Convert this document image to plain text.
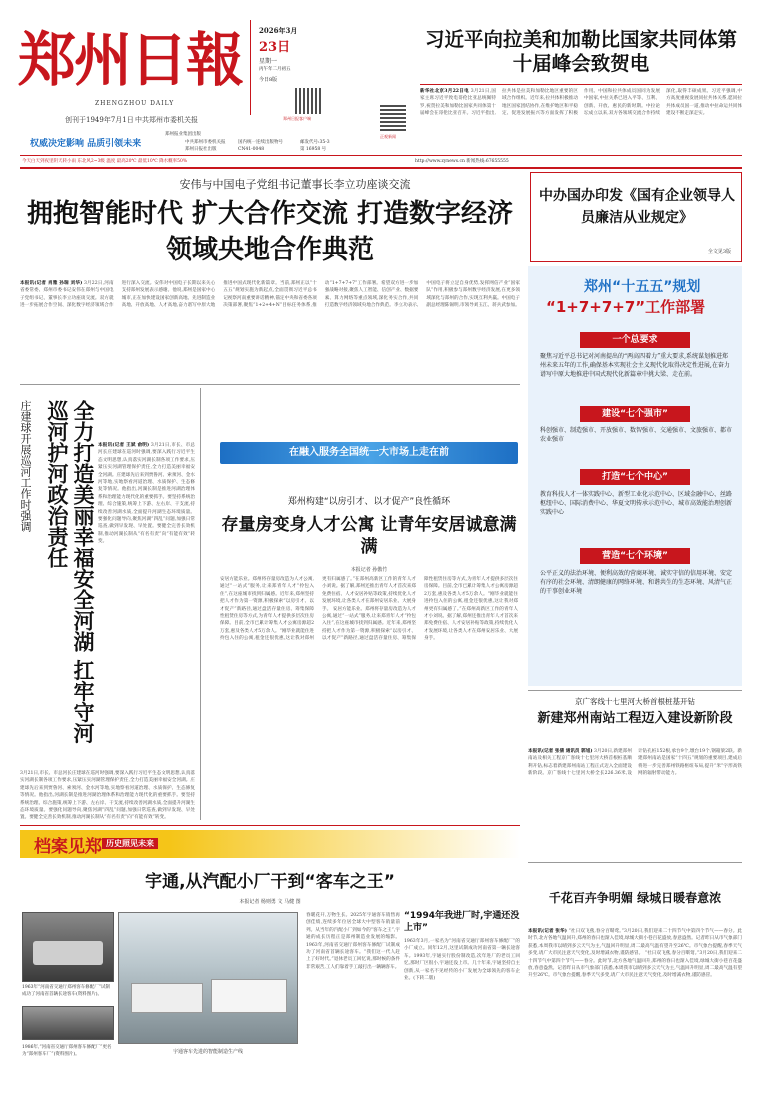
郑州日報
ZHENGZHOU DAILY
创刊于1949年7月1日 中共郑州市委机关报
2026年3月
23日
星期一
丙午年二月初五
今日8版
郑州日报客户端
正观新闻
权威决定影响 品质引领未来
郑州报业集团出版
中共郑州市委机关报
郑州日报社出版
国内统一连续出版物号 CN41-0048
邮发代号:35-3
第 16958 号
今天白天到夜里阴天转小雨 东北风2~3级 温度 最高20℃ 最低10℃ 降水概率50%	http://www.zynews.cn 新闻热线:67655555
习近平向拉美和加勒比国家共同体第十届峰会致贺电
新华社北京3月22日电 3月21日,国家主席习近平致电哥伦比亚总统佩特罗,祝贺拉美和加勒比国家共同体第十届峰会在哥伦比亚召开。习近平指出,拉共体是拉美和加勒比地区重要的区域合作组织。近年来,拉共体积极推动地区国家团结协作,在维护地区和平稳定、促进发展振兴等方面发挥了积极作用。中国和拉共体成员国同为发展中国家,中拉关系已进入平等、互利、创新、开放、惠民的新时期。中拉论坛成立以来,双方各领域交流合作持续深化,取得丰硕成果。习近平强调,中方高度重视发展同拉共体关系,愿同拉共体成员国一道,推动中拉命运共同体建设不断走深走实。
安伟与中国电子党组书记董事长李立功座谈交流
拥抱智能时代 扩大合作交流 打造数字经济领域央地合作典范
本报讯(记者 肖雅 孙瑞 刘华) 3月22日,河南省委常委、郑州市委书记安伟在郑州与中国电子党组书记、董事长李立功座谈交流。双方就进一步拓展合作空间、深化数字经济领域合作进行深入交流。安伟对中国电子长期以来关心支持郑州发展表示感谢。他说,郑州是国家中心城市,正在加快建设国家创新高地、先进制造业高地、开放高地、人才高地,奋力谱写中原大地推进中国式现代化新篇章。当前,郑州正以“十五五”规划实施为新起点,全面贯彻习近平总书记视察河南重要讲话精神,锚定中央和省委各项决策部署,聚焦“1+2+4+N”目标任务体系,推动“1+7+7+7”工作部署。希望双方进一步加强战略对接,聚焦人工智能、信创产业、数据要素、算力网络等重点领域,深化务实合作,共同打造数字经济领域央地合作典范。李立功表示,中国电子将立足自身优势,发挥网信产业“国家队”作用,积极参与郑州数字经济发展,在更多领域深化与郑州的合作,实现互利共赢。中国电子副总经理陈锡明,市领导刘玉江、蒋兵武参加。
中办国办印发《国有企业领导人员廉洁从业规定》
全文见3版
郑州“十五五”规划
“1+7+7+7”工作部署
一个总要求
聚焦习近平总书记对河南提出的“两高四着力”重大要求,系统谋划推进郑州未来五年的工作,确保基本实现社会主义现代化取得决定性进展,在奋力谱写中原大地推进中国式现代化新篇章中挑大梁、走在前。
建设“七个强市”
科创强市、制造强市、开放强市、数智强市、交通强市、文旅强市、都市农业强市
打造“七个中心”
教育科技人才一体实践中心、新型工业化示范中心、区域金融中心、丝路枢纽中心、国际消费中心、华夏文明传承示范中心、城市高效能治理创新实践中心
营造“七个环境”
公平正义的法治环境、便利高效的营商环境、诚实守信的信用环境、安定有序的社会环境、清朗健康的网络环境、和谐共生的生态环境、风清气正的干事创业环境
庄建球开展巡河工作时强调	全力打造美丽幸福安全河湖 扛牢守河巡河护河政治责任	本报讯(记者 王斌 俞明) 3月21日,市长、市总河长庄建球在巡河时强调,要深入践行习近平生态文明思想,认真落实河湖长制各项工作要求,压紧压实河湖管理保护责任,全力打造美丽幸福安全河湖。庄建球先后来到贾鲁河、索须河、金水河等地,实地察看河道治理、水质保护、生态修复等情况。他指出,河湖长制是推进河湖治理体系和治理能力现代化的重要抓手。要坚持系统治理、综合施策,统筹上下游、左右岸、干支流,持续改善河湖水质,全面提升河湖生态环境质量。要强化问题导向,聚焦河湖“四乱”问题,加强日常巡查,做到早发现、早处置。要健全完善长效机制,推动河湖长制从“有名有责”向“有能有效”转变。
3月21日,市长、市总河长庄建球在巡河时强调,要深入践行习近平生态文明思想,认真落实河湖长制各项工作要求,压紧压实河湖管理保护责任,全力打造美丽幸福安全河湖。庄建球先后来到贾鲁河、索须河、金水河等地,实地察看河道治理、水质保护、生态修复等情况。他指出,河湖长制是推进河湖治理体系和治理能力现代化的重要抓手。要坚持系统治理、综合施策,统筹上下游、左右岸、干支流,持续改善河湖水质,全面提升河湖生态环境质量。要强化问题导向,聚焦河湖“四乱”问题,加强日常巡查,做到早发现、早处置。要健全完善长效机制,推动河湖长制从“有名有责”向“有能有效”转变。
在融入服务全国统一大市场上走在前
郑州构建“以房引才、以才促产”良性循环
存量房变身人才公寓 让青年安居诚意满满
本报记者 孙傲竹
安居方能乐业。郑州将存量房改造为人才公寓,通过“一站式”服务,让来郑青年人才“拎包入住”,在这座城市找到归属感。近年来,郑州坚持把人才作为第一资源,积极探索“以房引才、以才促产”新路径,通过盘活存量住房、筹集保障性租赁住房等方式,为青年人才提供多层次住房保障。目前,全市已累计筹集人才公寓房源超2万套,惠及各类人才5万余人。“刚毕业就能住进拎包入住的公寓,租金还很优惠,这让我对郑州更有归属感了。”在郑州高新区工作的青年人才小刘说。据了解,郑州还推出青年人才首次来郑免费住宿、人才安居补贴等政策,持续优化人才发展环境,让各类人才在郑州安居乐业、大展身手。 安居方能乐业。郑州将存量房改造为人才公寓,通过“一站式”服务,让来郑青年人才“拎包入住”,在这座城市找到归属感。近年来,郑州坚持把人才作为第一资源,积极探索“以房引才、以才促产”新路径,通过盘活存量住房、筹集保障性租赁住房等方式,为青年人才提供多层次住房保障。目前,全市已累计筹集人才公寓房源超2万套,惠及各类人才5万余人。“刚毕业就能住进拎包入住的公寓,租金还很优惠,这让我对郑州更有归属感了。”在郑州高新区工作的青年人才小刘说。据了解,郑州还推出青年人才首次来郑免费住宿、人才安居补贴等政策,持续优化人才发展环境,让各类人才在郑州安居乐业、大展身手。
京广客线十七里河大桥首根桩基开钻
新建郑州南站工程迈入建设新阶段
本报讯(记者 张倩 通讯员 郭旭) 3月20日,新建郑州南站及相关工程京广客线十七里河大桥首根桩基顺利开钻,标志着新建郑州南站工程正式迈入全面建设新阶段。京广客线十七里河大桥全长226.36米,设计钻孔桩152根,承台9个,墩台19个,钢箱梁2联。新建郑州南站是国家“十四五”规划的重要项目,建成后将进一步完善郑州铁路枢纽布局,提升“米”字形高铁网的辐射带动能力。
档案见郑 历史照见未来
宇通,从汽配小厂干到“客车之王”
本报记者 杨则勇 文 马健 图
1963年“河南省交通厅郑州客车修配厂”试制成功了河南省首辆长途客车(资料图片)。
1986年,“河南省交通厅郑州客车修配厂”更名为“郑州客车厂”(资料图片)。	宇通客车先进的智能制造生产线
春暖花开,万物生长。2025年宇通客车销售再创佳绩,连续多年位居全球大中型客车销量前列。从当年的汽配小厂到如今的“客车之王”,宇通的成长历程正是郑州制造业发展的缩影。1963年,河南省交通厅郑州客车修配厂试制成功了河南省首辆长途客车。“我们这一代人赶上了好时代。”退休老员工回忆说,那时候的条件非常艰苦,工人们靠着手工敲打出一辆辆客车。
“1994年我进厂时,宇通还没上市”
1963年3月,一家名为“河南省交通厅郑州客车修配厂”的小厂成立。同年12月,这里试制成功河南省第一辆长途客车。1993年,宇通实行股份制改造,次年进厂的老员工回忆,那时厂区很小,宇通还没上市。几十年来,宇通坚持自主创新,从一家名不见经传的小厂发展为全球领先的客车企业。(下转二版)
千花百卉争明媚 绿城日暖春意浓
本报讯(记者 张华) “社日双飞燕,春分百啭莺。”3月20日,我们迎来二十四节气中第四个节气——春分。此时节,北方各地气温回升,郑州的春日也渐入佳境,绿城大街小巷百花盛放,春意盎然。记者昨日从市气象部门获悉,本周我市以晴到多云天气为主,气温回升明显,周二最高气温有望升至26℃。市气象台提醒,春季天气多变,请广大市民注意天气变化,及时增减衣物,谨防感冒。 “社日双飞燕,春分百啭莺。”3月20日,我们迎来二十四节气中第四个节气——春分。此时节,北方各地气温回升,郑州的春日也渐入佳境,绿城大街小巷百花盛放,春意盎然。记者昨日从市气象部门获悉,本周我市以晴到多云天气为主,气温回升明显,周二最高气温有望升至26℃。市气象台提醒,春季天气多变,请广大市民注意天气变化,及时增减衣物,谨防感冒。
